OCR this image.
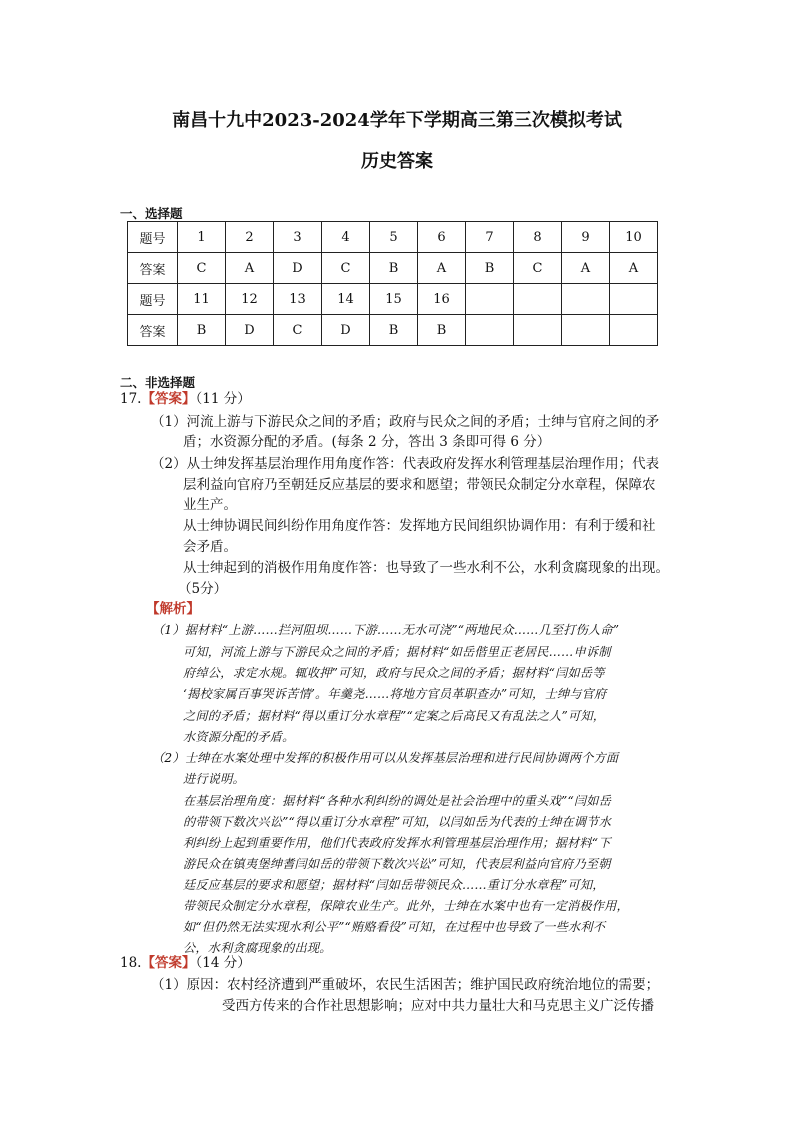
南昌十九中2023-2024学年下学期高三第三次模拟考试
历史答案
一、选择题
题号	1	2	3	4	5	6	7	8	9	10
答案	C	A	D	C	B	A	B	C	A	A
题号	11	12	13	14	15	16				
答案	B	D	C	D	B	B				
二、非选择题
17.【答案】（11 分）
（1）河流上游与下游民众之间的矛盾；政府与民众之间的矛盾；士绅与官府之间的矛
盾；水资源分配的矛盾。(每条 2 分，答出 3 条即可得 6 分）
（2）从士绅发挥基层治理作用角度作答：代表政府发挥水利管理基层治理作用；代表
层利益向官府乃至朝廷反应基层的要求和愿望；带领民众制定分水章程，保障农
业生产。
从士绅协调民间纠纷作用角度作答：发挥地方民间组织协调作用：有利于缓和社
会矛盾。
从士绅起到的消极作用角度作答：也导致了一些水利不公，水利贪腐现象的出现。
（5分）
【解析】
（1）据材料“上游……拦河阻坝……下游……无水可浇”“两地民众……几至打伤人命”
可知，河流上游与下游民众之间的矛盾；据材料“如岳偕里正老居民……申诉制
府绰公，求定水规。辄收押”可知，政府与民众之间的矛盾；据材料“闫如岳等
‘揭校家属百事哭诉苦情’。年羹尧……将地方官员革职查办”可知，士绅与官府
之间的矛盾；据材料“得以重订分水章程”“定案之后高民又有乱法之人”可知，
水资源分配的矛盾。
（2）士绅在水案处理中发挥的积极作用可以从发挥基层治理和进行民间协调两个方面
进行说明。
在基层治理角度：据材料“各种水利纠纷的调处是社会治理中的重头戏”“闫如岳
的带领下数次兴讼”“得以重订分水章程”可知，以闫如岳为代表的士绅在调节水
利纠纷上起到重要作用，他们代表政府发挥水利管理基层治理作用；据材料“下
游民众在镇夷堡绅耆闫如岳的带领下数次兴讼”可知，代表层利益向官府乃至朝
廷反应基层的要求和愿望；据材料“闫如岳带领民众……重订分水章程”可知，
带领民众制定分水章程，保障农业生产。此外，士绅在水案中也有一定消极作用，
如“但仍然无法实现水利公平”“贿赂看役”可知，在过程中也导致了一些水利不
公，水利贪腐现象的出现。
18.【答案】（14 分）
（1）原因：农村经济遭到严重破坏，农民生活困苦；维护国民政府统治地位的需要；
受西方传来的合作社思想影响；应对中共力量壮大和马克思主义广泛传播
